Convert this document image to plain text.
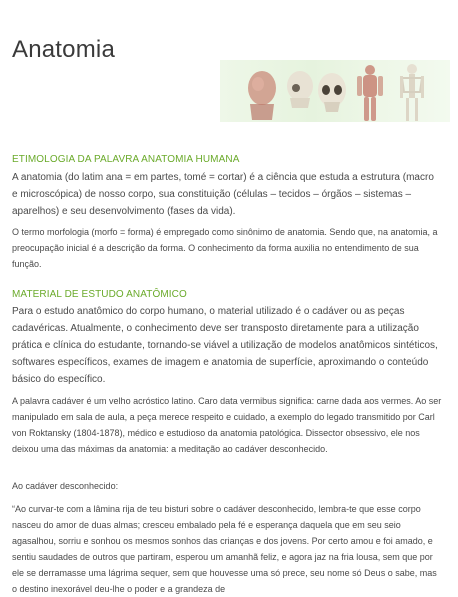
Anatomia
ETIMOLOGIA DA PALAVRA ANATOMIA HUMANA

A anatomia (do latim ana = em partes, tomé = cortar) é a ciência que estuda a estrutura (macro e microscópica) de nosso corpo, sua constituição (células – tecidos – órgãos – sistemas – aparelhos) e seu desenvolvimento (fases da vida).

O termo morfologia (morfo = forma) é empregado como sinônimo de anatomia. Sendo que, na anatomia, a preocupação inicial é a descrição da forma. O conhecimento da forma auxilia no entendimento de sua função.

MATERIAL DE ESTUDO ANATÔMICO

Para o estudo anatômico do corpo humano, o material utilizado é o cadáver ou as peças cadavéricas. Atualmente, o conhecimento deve ser transposto diretamente para a utilização prática e clínica do estudante, tornando-se viável a utilização de modelos anatômicos sintéticos, softwares específicos, exames de imagem e anatomia de superfície, aproximando o conteúdo básico do específico.

A palavra cadáver é um velho acróstico latino. Caro data vermibus significa: carne dada aos vermes. Ao ser manipulado em sala de aula, a peça merece respeito e cuidado, a exemplo do legado transmitido por Carl von Roktansky (1804-1878), médico e estudioso da anatomia patológica. Dissector obsessivo, ele nos deixou uma das máximas da anatomia: a meditação ao cadáver desconhecido.

Ao cadáver desconhecido:

“Ao curvar-te com a lâmina rija de teu bisturi sobre o cadáver desconhecido, lembra-te que esse corpo nasceu do amor de duas almas; cresceu embalado pela fé e esperança daquela que em seu seio agasalhou, sorriu e sonhou os mesmos sonhos das crianças e dos jovens. Por certo amou e foi amado, e sentiu saudades de outros que partiram, esperou um amanhã feliz, e agora jaz na fria lousa, sem que por ele se derramasse uma lágrima sequer, sem que houvesse uma só prece, seu nome só Deus o sabe, mas o destino inexorável deu-lhe o poder e a grandeza de
